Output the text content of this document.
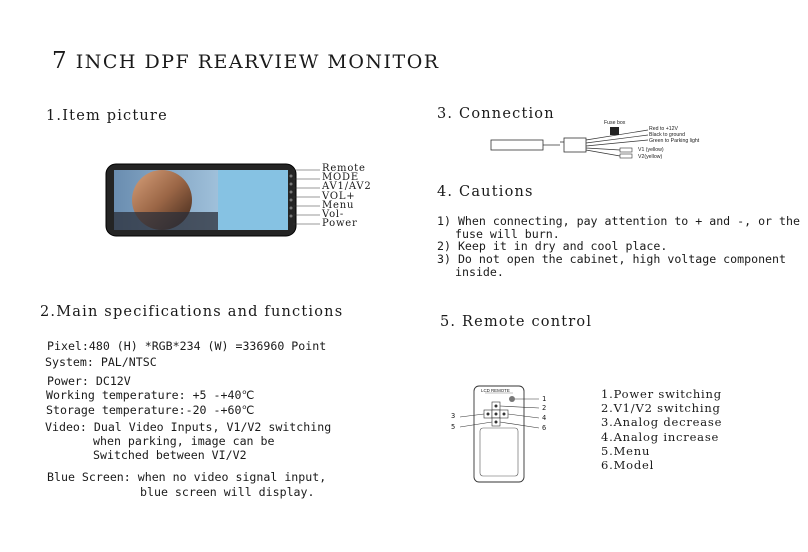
7 INCH DPF REARVIEW MONITOR
1.Item picture
Remote
MODE
AV1/AV2
VOL+
Menu
Vol-
Power
2.Main specifications and functions
Pixel:480 (H) *RGB*234 (W) =336960 Point
System: PAL/NTSC
Power: DC12V
Working temperature: +5 -+40℃
Storage temperature:-20 -+60℃
Video: Dual Video Inputs, V1/V2 switching
when parking, image can be
Switched between VI/V2
Blue Screen: when no video signal input,
blue screen will display.
3. Connection
Fuse box
Red to +12V
Black to ground
Green to Parking light
V1 (yellow)
V2(yellow)
4. Cautions
1) When connecting, pay attention to + and -, or the
fuse will burn.
2) Keep it in dry and cool place.
3) Do not open the cabinet, high voltage component
inside.
5. Remote control
LCD REMOTE
1
2
3	4
5	6
1.Power switching
2.V1/V2 switching
3.Analog decrease
4.Analog increase
5.Menu
6.Model
